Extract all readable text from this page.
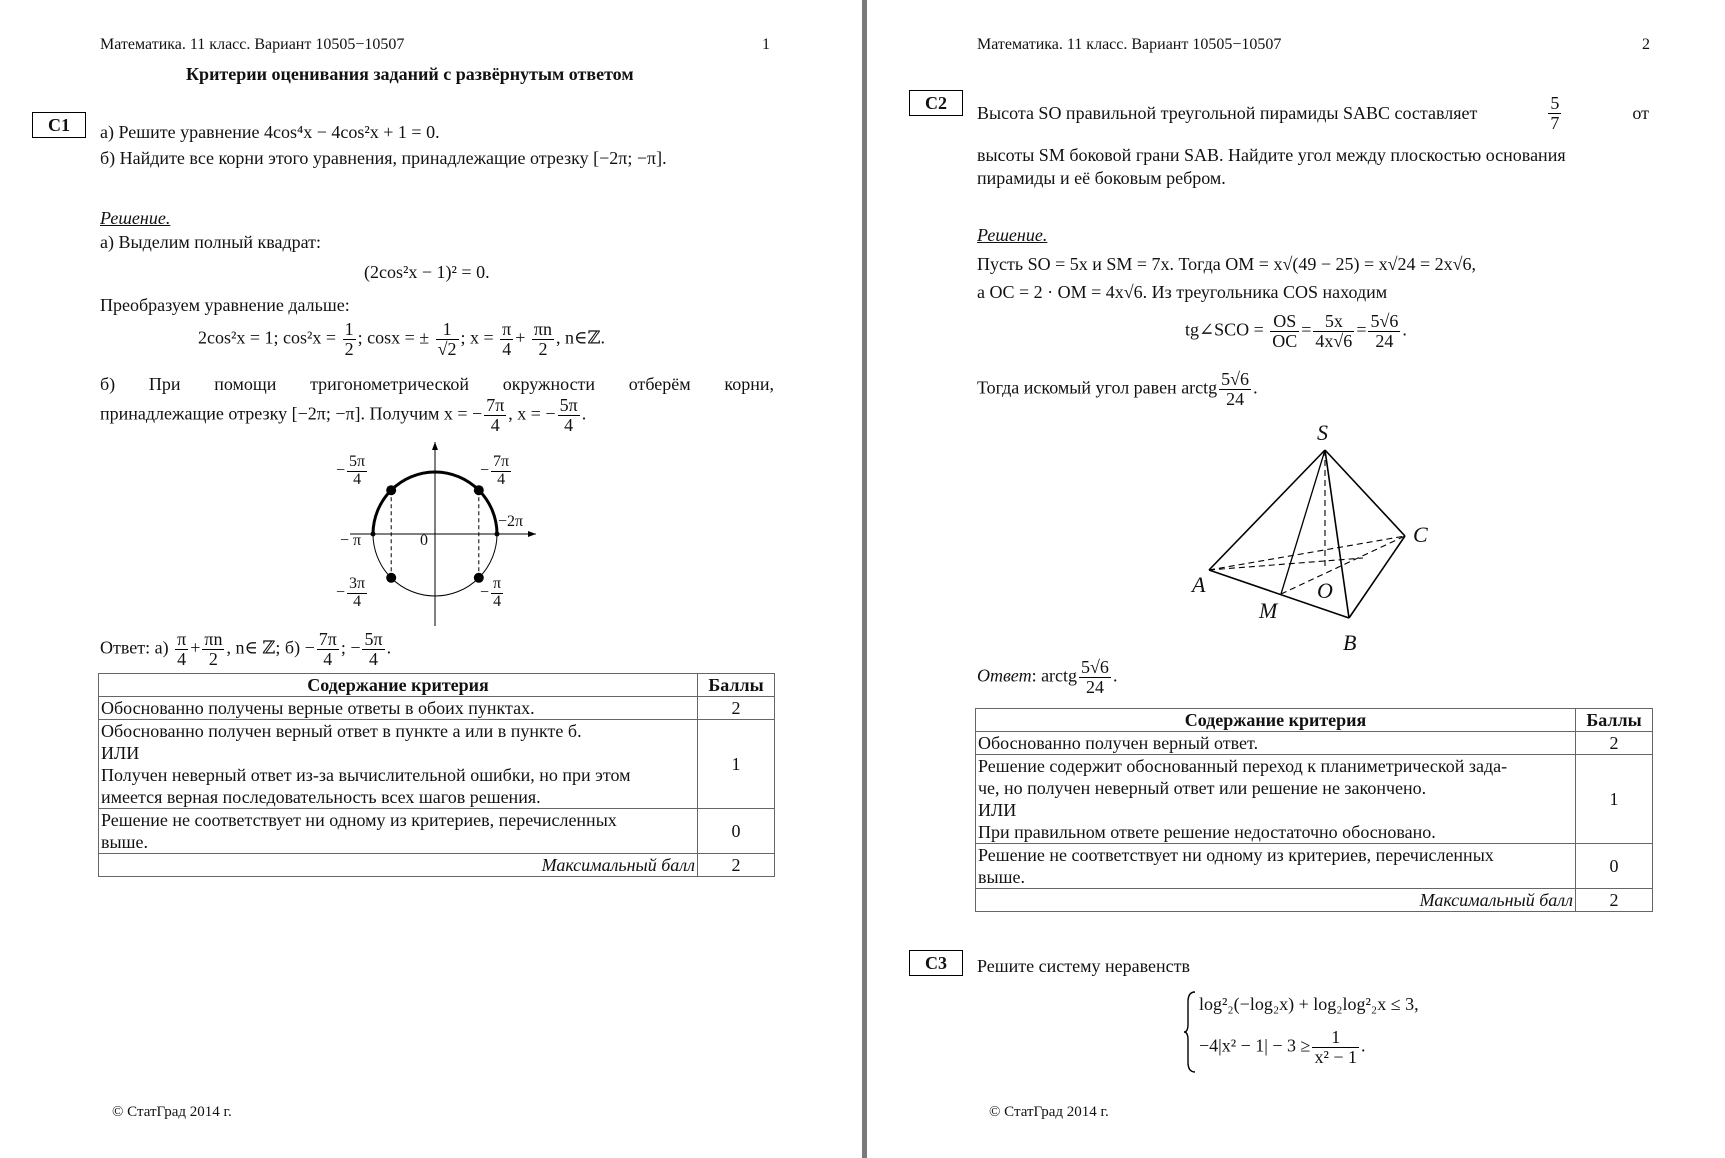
Математика. 11 класс. Вариант 10505−10507	1
Критерии оценивания заданий с развёрнутым ответом
С1	а) Решите уравнение 4cos⁴x − 4cos²x + 1 = 0.
б) Найдите все корни этого уравнения, принадлежащие отрезку [−2π; −π].
Решение.
а) Выделим полный квадрат:
(2cos²x − 1)² = 0.
Преобразуем уравнение дальше:
2cos²x = 1; $\cos^2x = \frac{1}{2}$ ; cosx = ± $\frac{1}{√2}$ ; $x = \frac{\pi}{4} + \frac{\pi n}{2}$ , n∈ℤ.
б) При помощи тригонометрической окружности отберём корни,
принадлежащие отрезку [−2π; −π]. Получим x = − $\frac{7\pi}{4}$ , x = − $\frac{5\pi}{4}$ .
− $\frac{5\pi}{4}$	− $\frac{7\pi}{4}$
−2π
− π	0
− $\frac{3\pi}{4}$	− $\frac{\pi}{4}$
Ответ: $а) \frac{\pi}{4} + \frac{\pi n}{2}$ , n∈ ℤ; $б) - \frac{7\pi}{4}$ ; − $\frac{5\pi}{4}$ .
Содержание критерия	Баллы

Обоснованно получены верные ответы в обоих пунктах.	2

Обоснованно получен верный ответ в пункте а или в пункте б.
ИЛИ
Получен неверный ответ из-за вычислительной ошибки, но при этом
имеется верная последовательность всех шагов решения.	1

Решение не соответствует ни одному из критериев, перечисленных
выше.	0
Максимальный балл	2
© СтатГрад 2014 г.
Математика. 11 класс. Вариант 10505−10507	2
С2	Высота SO правильной треугольной пирамиды SABC составляет	$\frac{5}{7}$	от
высоты SM боковой грани SAB. Найдите угол между плоскостью основания
пирамиды и её боковым ребром.
Решение.
Пусть SO = 5x и SM = 7x. Тогда OM = x√(49 − 25) = x√24 = 2x√6,
а OC = 2 · OM = 4x√6. Из треугольника COS находим
tg∠SCO = $\frac{OS}{OC} = \frac{5x}{4x√6} = \frac{5√6}{24}$ .
Тогда искомый угол равен arctg $\frac{5√6}{24}$ .
S
A
B
C
M
O
Ответ: arctg $\frac{5√6}{24}$ .
Содержание критерия	Баллы

Обоснованно получен верный ответ.	2

Решение содержит обоснованный переход к планиметрической зада-
че, но получен неверный ответ или решение не закончено.
ИЛИ
При правильном ответе решение недостаточно обосновано.	1

Решение не соответствует ни одному из критериев, перечисленных
выше.	0
Максимальный балл	2
С3	Решите систему неравенств
log²₂(−log₂x) + log₂log²₂x ≤ 3,
$-4|x^2 - 1| - 3 \ge \frac{1}{\text{x² − 1}}$ .
© СтатГрад 2014 г.
